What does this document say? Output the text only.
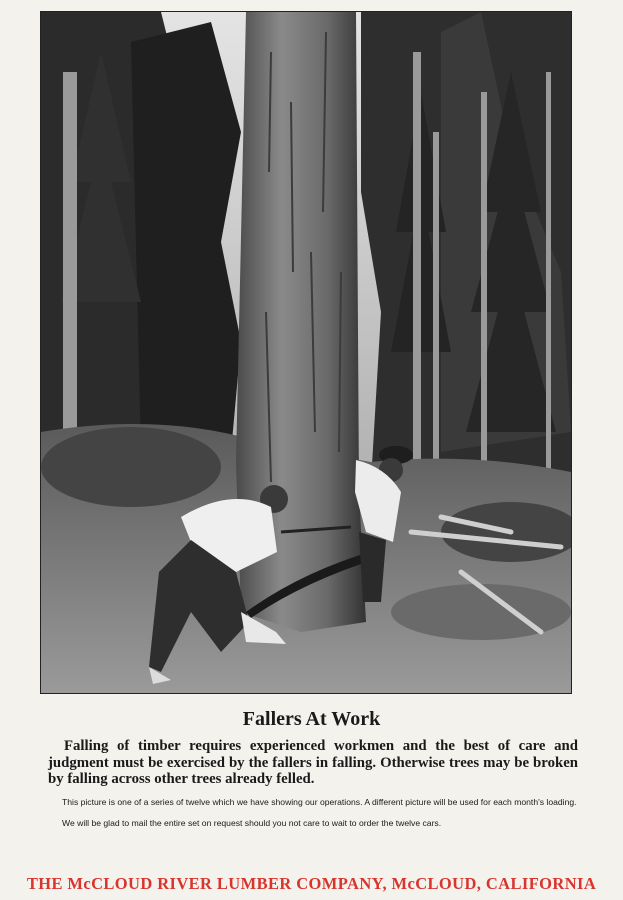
Fallers At Work
Falling of timber requires experienced workmen and the best of care and judgment must be exercised by the fallers in falling. Otherwise trees may be broken by falling across other trees already felled.
This picture is one of a series of twelve which we have showing our operations. A different picture will be used for each month's loading.
We will be glad to mail the entire set on request should you not care to wait to order the twelve cars.
THE McCLOUD RIVER LUMBER COMPANY, McCLOUD, CALIFORNIA
